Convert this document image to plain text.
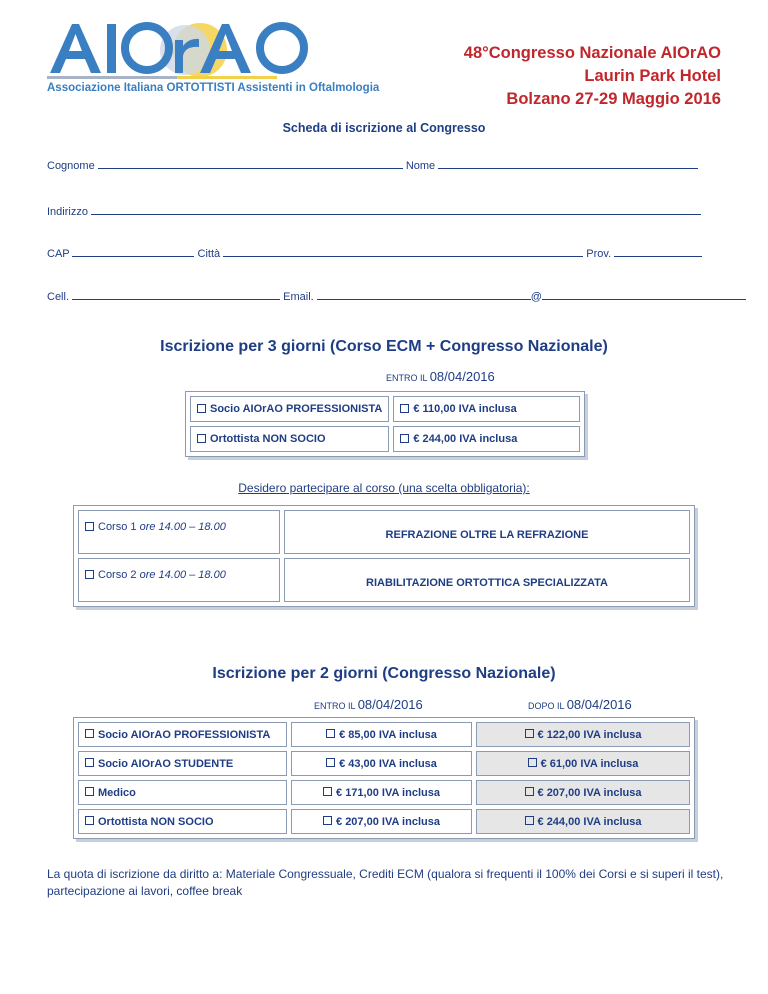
Associazione Italiana ORTOTTISTI Assistenti in Oftalmologia
48°Congresso Nazionale AIOrAO
Laurin Park Hotel
Bolzano 27-29 Maggio 2016
Scheda di iscrizione al Congresso
Cognome	Nome
Indirizzo
CAP	Città	Prov.
Cell.	Email.	@
Iscrizione per 3 giorni (Corso ECM + Congresso Nazionale)
ENTRO IL 08/04/2016
Socio AIOrAO PROFESSIONISTA	€ 110,00 IVA inclusa
Ortottista NON SOCIO	€ 244,00 IVA inclusa
Desidero partecipare al corso (una scelta obbligatoria):
Corso 1 ore 14.00 – 18.00	REFRAZIONE OLTRE LA REFRAZIONE
Corso 2 ore 14.00 – 18.00	RIABILITAZIONE ORTOTTICA SPECIALIZZATA
Iscrizione per 2 giorni (Congresso Nazionale)
ENTRO IL 08/04/2016	DOPO IL 08/04/2016
Socio AIOrAO PROFESSIONISTA	€ 85,00 IVA inclusa	€ 122,00 IVA inclusa
Socio AIOrAO STUDENTE	€ 43,00 IVA inclusa	€ 61,00 IVA inclusa
Medico	€ 171,00 IVA inclusa	€ 207,00 IVA inclusa
Ortottista NON SOCIO	€ 207,00 IVA inclusa	€ 244,00 IVA inclusa
La quota di iscrizione da diritto a: Materiale Congressuale, Crediti ECM (qualora si frequenti il 100% dei Corsi e si superi il test), partecipazione ai lavori, coffee break
